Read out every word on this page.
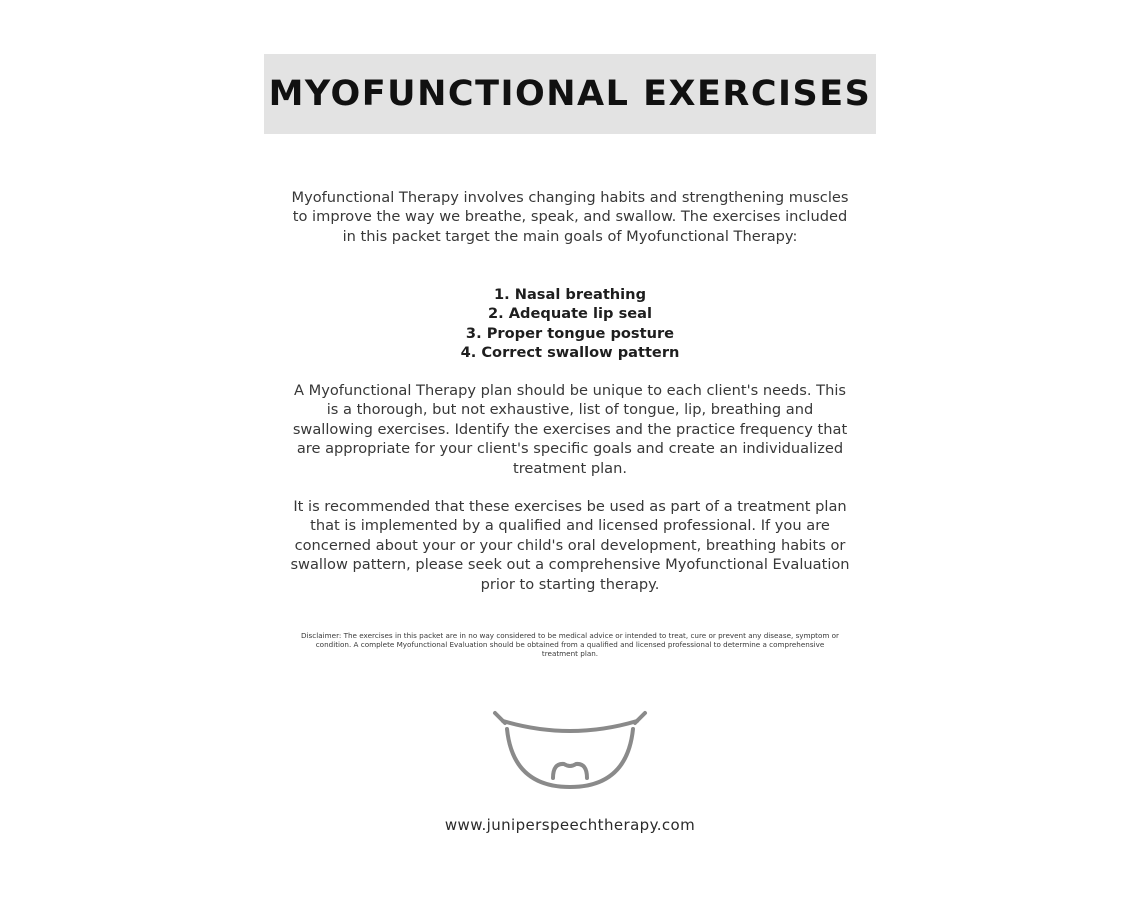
MYOFUNCTIONAL EXERCISES
Myofunctional Therapy involves changing habits and strengthening muscles to improve the way we breathe, speak, and swallow. The exercises included in this packet target the main goals of Myofunctional Therapy:
1. Nasal breathing
2. Adequate lip seal
3. Proper tongue posture
4. Correct swallow pattern
A Myofunctional Therapy plan should be unique to each client's needs. This is a thorough, but not exhaustive, list of tongue, lip, breathing and swallowing exercises. Identify the exercises and the practice frequency that are appropriate for your client's specific goals and create an individualized treatment plan.
It is recommended that these exercises be used as part of a treatment plan that is implemented by a qualified and licensed professional. If you are concerned about your or your child's oral development, breathing habits or swallow pattern, please seek out a comprehensive Myofunctional Evaluation prior to starting therapy.
Disclaimer: The exercises in this packet are in no way considered to be medical advice or intended to treat, cure or prevent any disease, symptom or condition. A complete Myofunctional Evaluation should be obtained from a qualified and licensed professional to determine a comprehensive treatment plan.
www.juniperspeechtherapy.com
